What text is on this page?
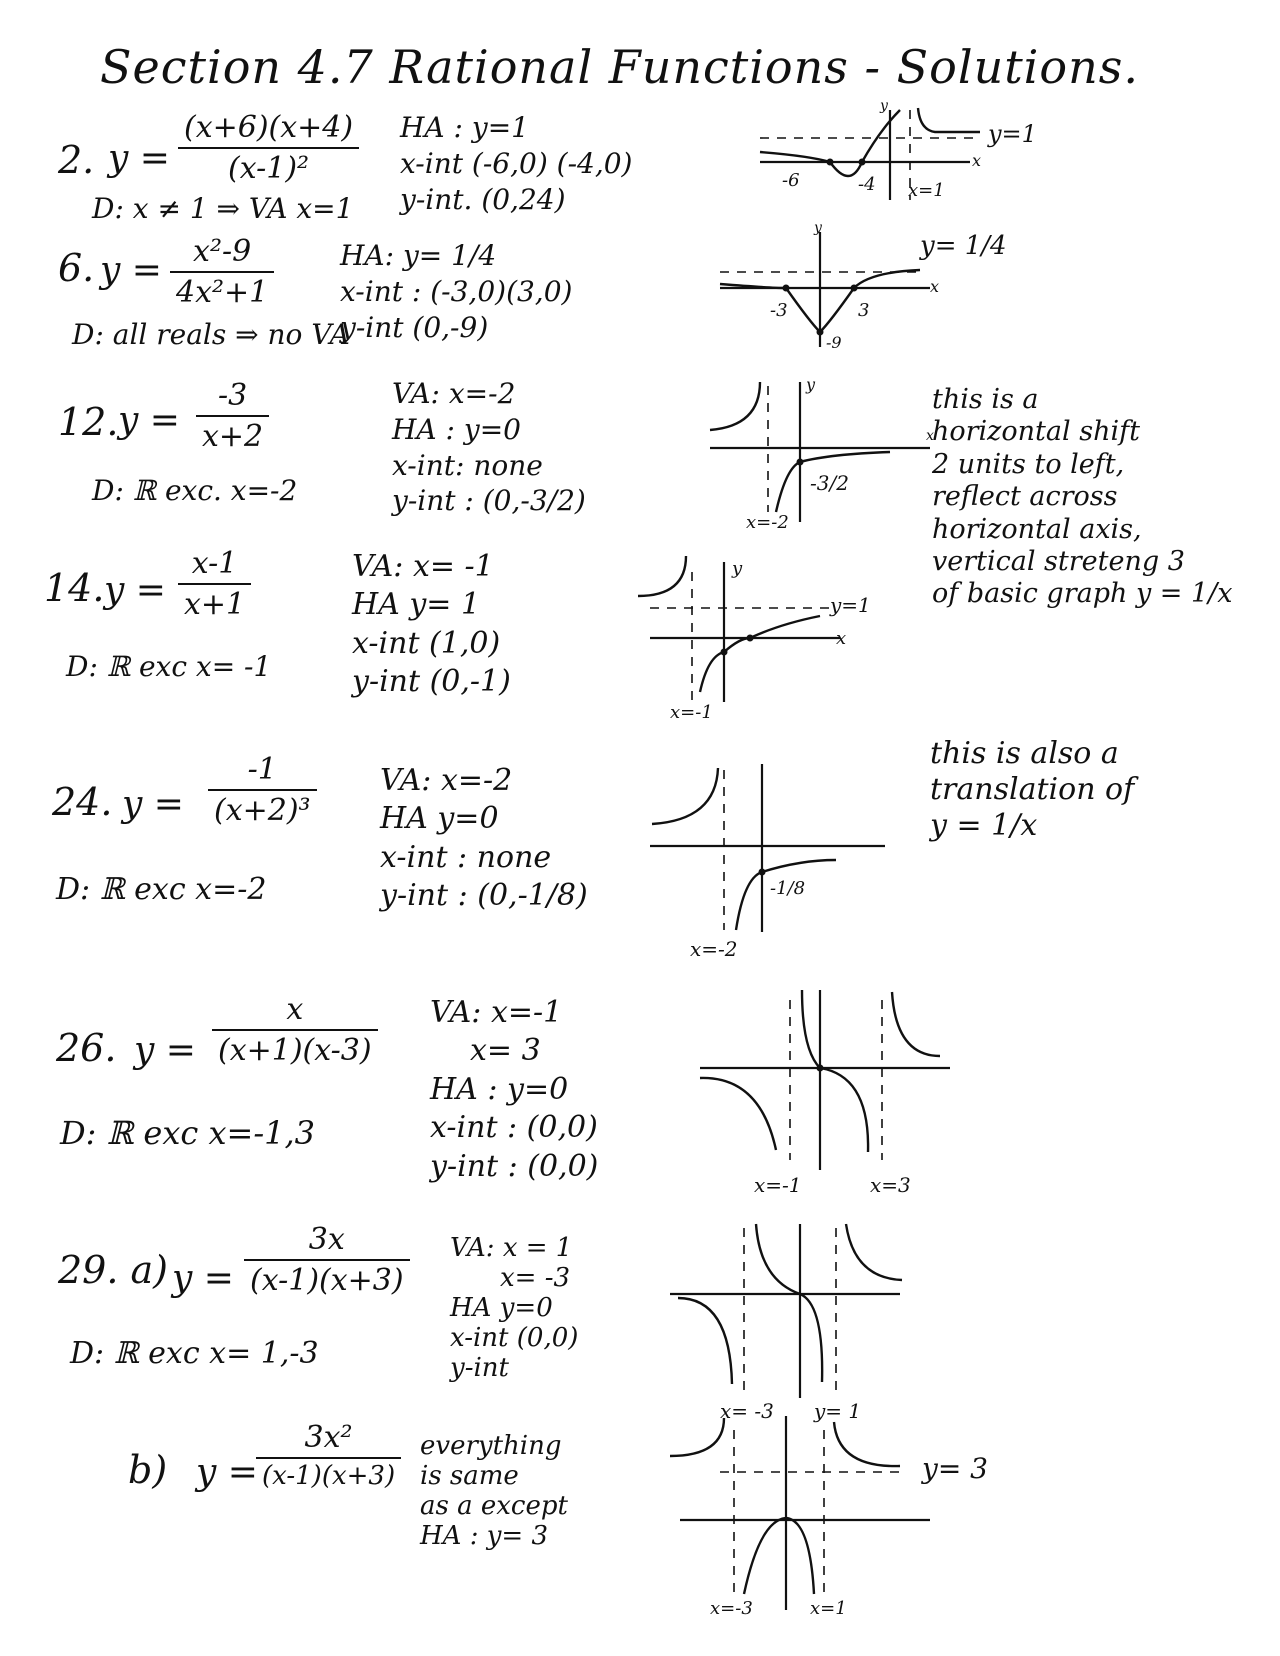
Section 4.7 Rational Functions - Solutions.
2. y =
(x+6)(x+4)
(x-1)²
D: x ≠ 1 ⇒ VA x=1
HA : y=1
x-int (-6,0) (-4,0)
y-int. (0,24)
y=1
x
y
x=1
-6	-4
6. y =	x²-9
4x²+1
D: all reals ⇒ no VA
HA: y= 1/4
x-int : (-3,0)(3,0)
y-int (0,-9)
y= 1/4
x
y
-3	3
-9
12. y =
-3
x+2
D: ℝ exc. x=-2
VA: x=-2
HA : y=0
x-int: none
y-int : (0,-3/2)
x
y
-3/2
x=-2
this is a
horizontal shift
2 units to left,
reflect across
horizontal axis,
vertical streteng 3
of basic graph y = 1/x
14. y =
x-1
x+1
D: ℝ exc x= -1
VA: x= -1
HA y= 1
x-int (1,0)
y-int (0,-1)
y=1
x
y
x=-1
24. y =
-1
(x+2)³
D: ℝ exc x=-2
VA: x=-2
HA y=0
x-int : none
y-int : (0,-1/8)	-1/8
x=-2
this is also a
translation of
y = 1/x
26. y =
x
(x+1)(x-3)
D: ℝ exc x=-1,3
VA: x=-1
x= 3
HA : y=0
x-int : (0,0)
y-int : (0,0)
x=-1	x=3
29. a) y =
3x
(x-1)(x+3)
D: ℝ exc x= 1,-3
VA: x = 1
x= -3
HA y=0
x-int (0,0)
y-int
x= -3 y= 1
b) y =
3x²
(x-1)(x+3)
everything
is same
as a except
HA : y= 3
y= 3
x=-3	x=1
